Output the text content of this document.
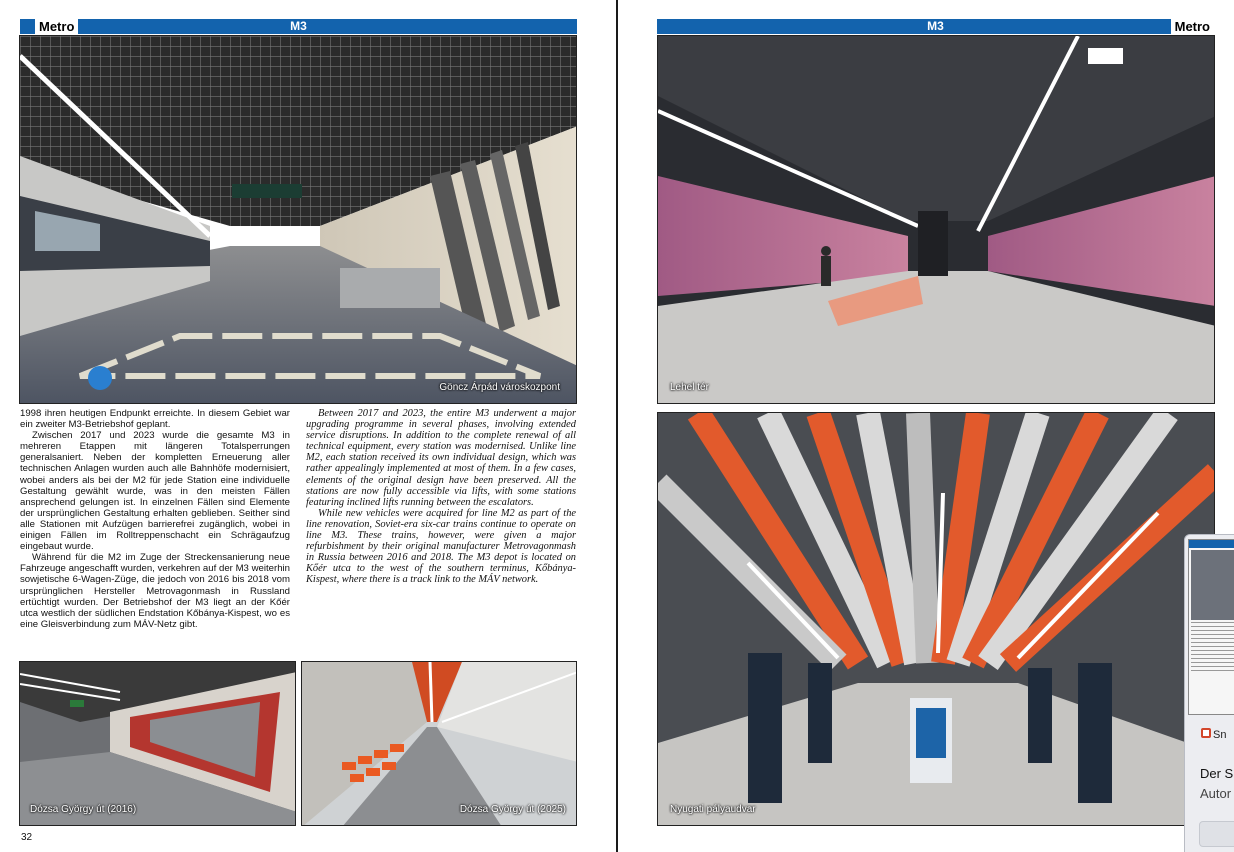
Metro	M3
Göncz Árpád városkozpont

1998 ihren heutigen Endpunkt erreichte. In diesem Gebiet war ein zweiter M3-Betriebshof geplant.

Zwischen 2017 und 2023 wurde die gesamte M3 in mehreren Etappen mit längeren Totalsperrungen generalsaniert. Neben der kompletten Erneuerung aller technischen Anlagen wurden auch alle Bahnhöfe modernisiert, wobei anders als bei der M2 für jede Station eine individuelle Gestaltung gewählt wurde, was in den meisten Fällen ansprechend gelungen ist. In einzelnen Fällen sind Elemente der ursprünglichen Gestaltung erhalten geblieben. Seither sind alle Stationen mit Aufzügen barrierefrei zugänglich, wobei in einigen Fällen im Rolltreppenschacht ein Schrägaufzug eingebaut wurde.

Während für die M2 im Zuge der Streckensanierung neue Fahrzeuge angeschafft wurden, verkehren auf der M3 weiterhin sowjetische 6-Wagen-Züge, die jedoch von 2016 bis 2018 vom ursprünglichen Hersteller Metrovagonmash in Russland ertüchtigt wurden. Der Betriebshof der M3 liegt an der Kőér utca westlich der südlichen Endstation Kőbánya-Kispest, wo es eine Gleisverbindung zum MÁV-Netz gibt.

Between 2017 and 2023, the entire M3 underwent a major upgrading programme in several phases, involving extended service disruptions. In addition to the complete renewal of all technical equipment, every station was modernised. Unlike line M2, each station received its own individual design, which was rather appealingly implemented at most of them. In a few cases, elements of the original design have been preserved. All the stations are now fully accessible via lifts, with some stations featuring inclined lifts running between the escalators.

While new vehicles were acquired for line M2 as part of the line renovation, Soviet-era six-car trains continue to operate on line M3. These trains, however, were given a major refurbishment by their original manufacturer Metrovagonmash in Russia between 2016 and 2018. The M3 depot is located on Kőér utca to the west of the southern terminus, Kőbánya-Kispest, where there is a track link to the MÁV network.

Dózsa György út (2016)	Dózsa György út (2025)
32
M3	Metro
Lehel tér
Nyugati pályaudvar
Sn
Der S
Autor
